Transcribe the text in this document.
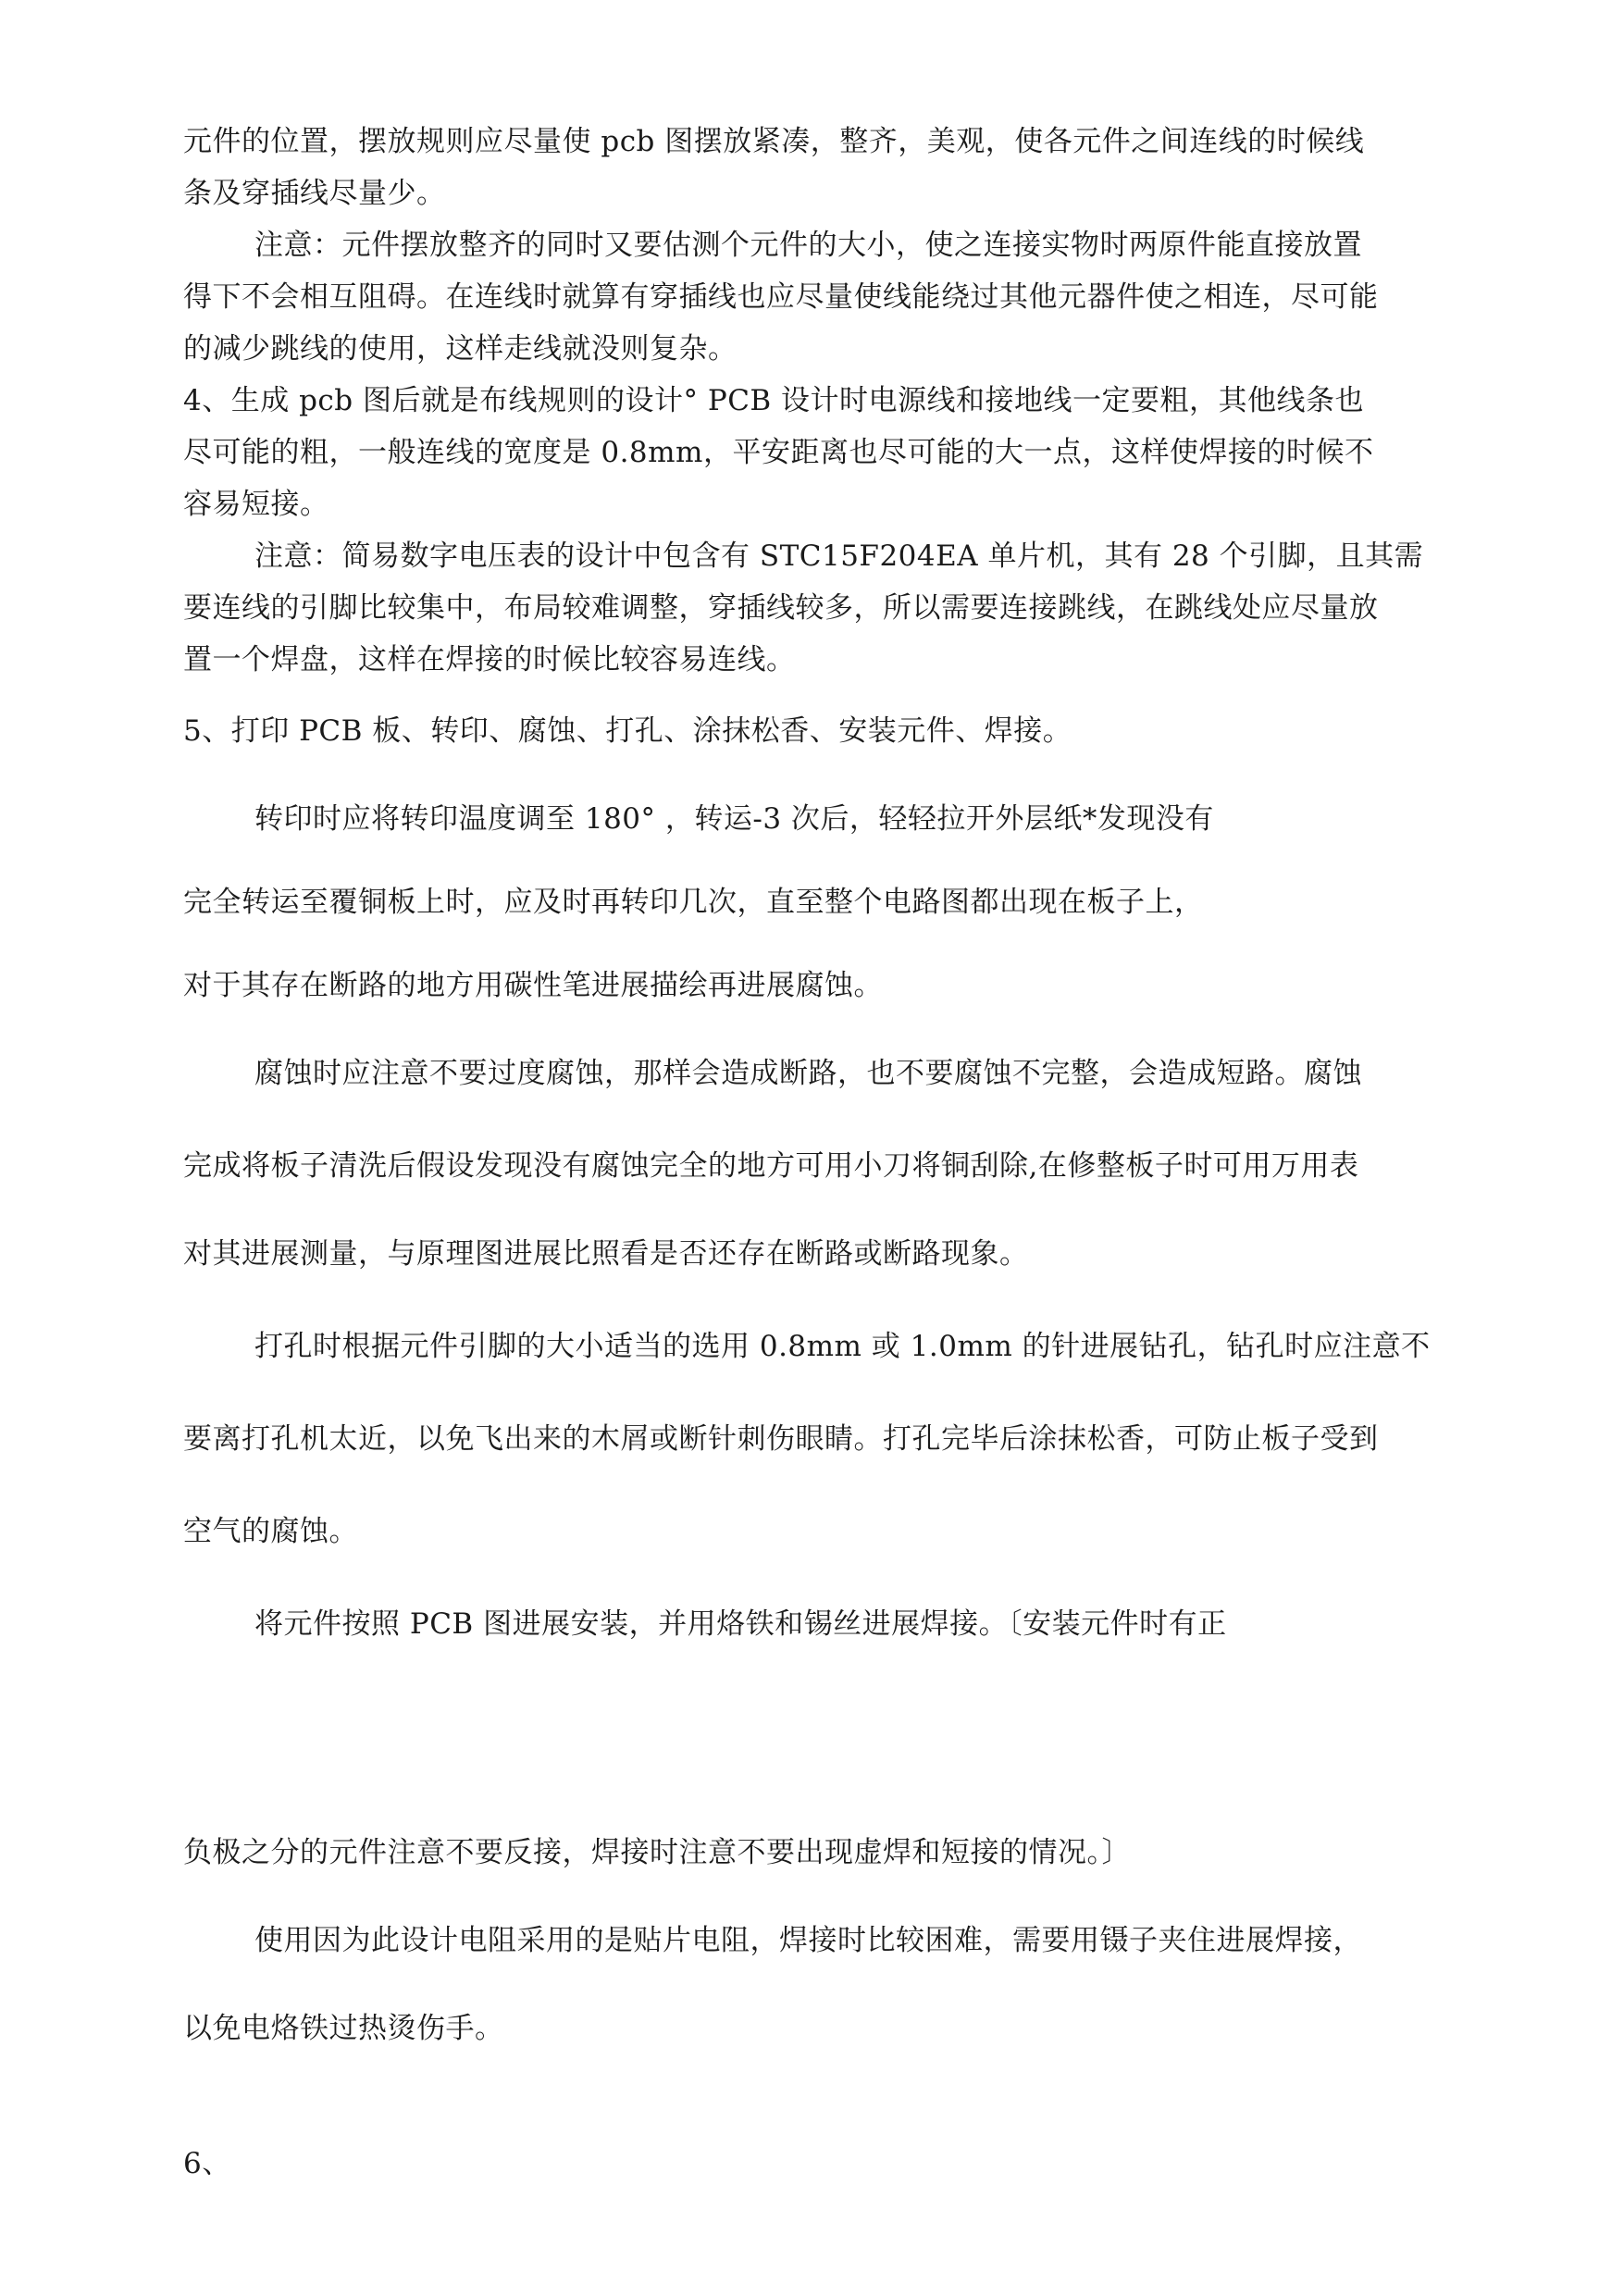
元件的位置，摆放规则应尽量使 pcb 图摆放紧凑，整齐，美观，使各元件之间连线的时候线
条及穿插线尽量少。
注意：元件摆放整齐的同时又要估测个元件的大小，使之连接实物时两原件能直接放置
得下不会相互阻碍。在连线时就算有穿插线也应尽量使线能绕过其他元器件使之相连，尽可能
的减少跳线的使用，这样走线就没则复杂。
4、生成 pcb 图后就是布线规则的设计° PCB 设计时电源线和接地线一定要粗，其他线条也
尽可能的粗，一般连线的宽度是 0.8mm，平安距离也尽可能的大一点，这样使焊接的时候不
容易短接。
注意：简易数字电压表的设计中包含有 STC15F204EA 单片机，其有 28 个引脚，且其需
要连线的引脚比较集中，布局较难调整，穿插线较多，所以需要连接跳线，在跳线处应尽量放
置一个焊盘，这样在焊接的时候比较容易连线。
5、打印 PCB 板、转印、腐蚀、打孔、涂抹松香、安装元件、焊接。
转印时应将转印温度调至 180° ，转运-3 次后，轻轻拉开外层纸*发现没有
完全转运至覆铜板上时，应及时再转印几次，直至整个电路图都出现在板子上，
对于其存在断路的地方用碳性笔进展描绘再进展腐蚀。
腐蚀时应注意不要过度腐蚀，那样会造成断路，也不要腐蚀不完整，会造成短路。腐蚀
完成将板子清洗后假设发现没有腐蚀完全的地方可用小刀将铜刮除,在修整板子时可用万用表
对其进展测量，与原理图进展比照看是否还存在断路或断路现象。
打孔时根据元件引脚的大小适当的选用 0.8mm 或 1.0mm 的针进展钻孔，钻孔时应注意不
要离打孔机太近，以免飞出来的木屑或断针刺伤眼睛。打孔完毕后涂抹松香，可防止板子受到
空气的腐蚀。
将元件按照 PCB 图进展安装，并用烙铁和锡丝进展焊接。〔安装元件时有正
负极之分的元件注意不要反接，焊接时注意不要出现虚焊和短接的情况。〕
使用因为此设计电阻采用的是贴片电阻，焊接时比较困难，需要用镊子夹住进展焊接，
以免电烙铁过热烫伤手。
6、
